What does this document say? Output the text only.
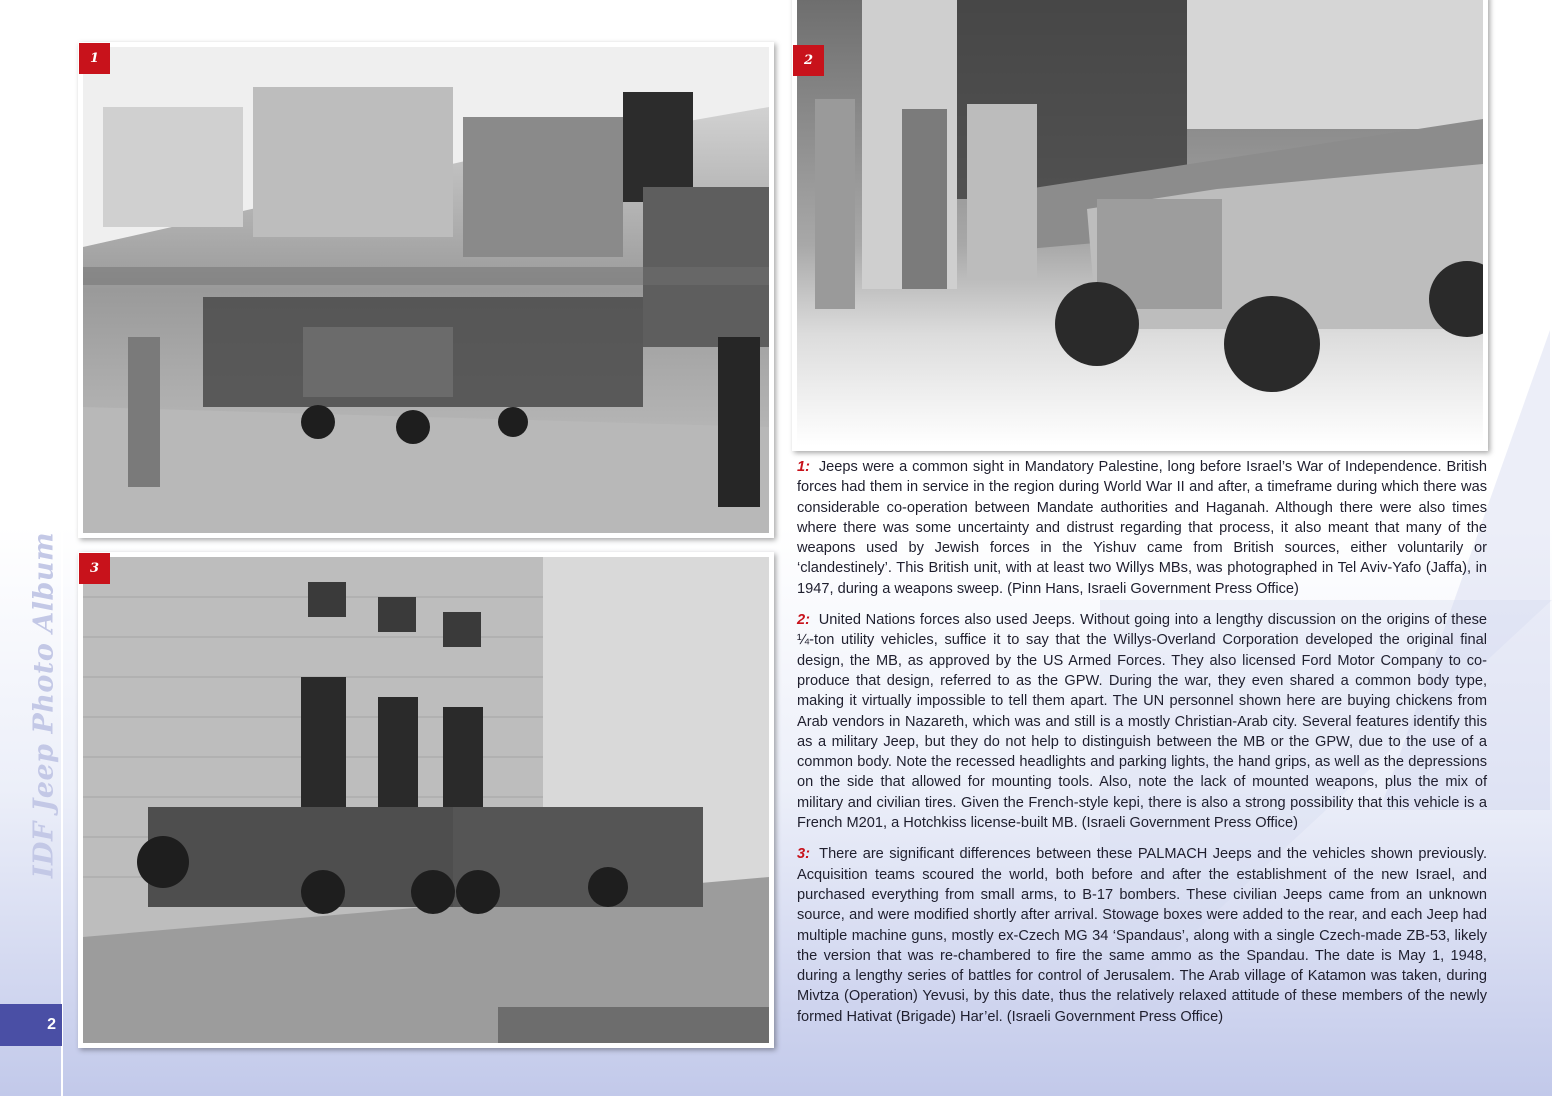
IDF Jeep Photo Album
2
1	2
3

1: Jeeps were a common sight in Mandatory Palestine, long before Israel’s War of Independence. British forces had them in service in the region during World War II and after, a timeframe during which there was considerable co-operation between Mandate authorities and Haganah. Although there were also times where there was some uncertainty and distrust regarding that process, it also meant that many of the weapons used by Jewish forces in the Yishuv came from British sources, either voluntarily or ‘clandestinely’. This British unit, with at least two Willys MBs, was photographed in Tel Aviv-Yafo (Jaffa), in 1947, during a weapons sweep. (Pinn Hans, Israeli Government Press Office)

2: United Nations forces also used Jeeps. Without going into a lengthy discussion on the origins of these ¼-ton utility vehicles, suffice it to say that the Willys-Overland Corporation developed the original final design, the MB, as approved by the US Armed Forces. They also licensed Ford Motor Company to co-produce that design, referred to as the GPW. During the war, they even shared a common body type, making it virtually impossible to tell them apart. The UN personnel shown here are buying chickens from Arab vendors in Nazareth, which was and still is a mostly Christian-Arab city. Several features identify this as a military Jeep, but they do not help to distinguish between the MB or the GPW, due to the use of a common body. Note the recessed headlights and parking lights, the hand grips, as well as the depressions on the side that allowed for mounting tools. Also, note the lack of mounted weapons, plus the mix of military and civilian tires. Given the French-style kepi, there is also a strong possibility that this vehicle is a French M201, a Hotchkiss license-built MB. (Israeli Government Press Office)

3: There are significant differences between these PALMACH Jeeps and the vehicles shown previously. Acquisition teams scoured the world, both before and after the establishment of the new Israel, and purchased everything from small arms, to B-17 bombers. These civilian Jeeps came from an unknown source, and were modified shortly after arrival. Stowage boxes were added to the rear, and each Jeep had multiple machine guns, mostly ex-Czech MG 34 ‘Spandaus’, along with a single Czech-made ZB-53, likely the version that was re-chambered to fire the same ammo as the Spandau. The date is May 1, 1948, during a lengthy series of battles for control of Jerusalem. The Arab village of Katamon was taken, during Mivtza (Operation) Yevusi, by this date, thus the relatively relaxed attitude of these members of the newly formed Hativat (Brigade) Har’el. (Israeli Government Press Office)
